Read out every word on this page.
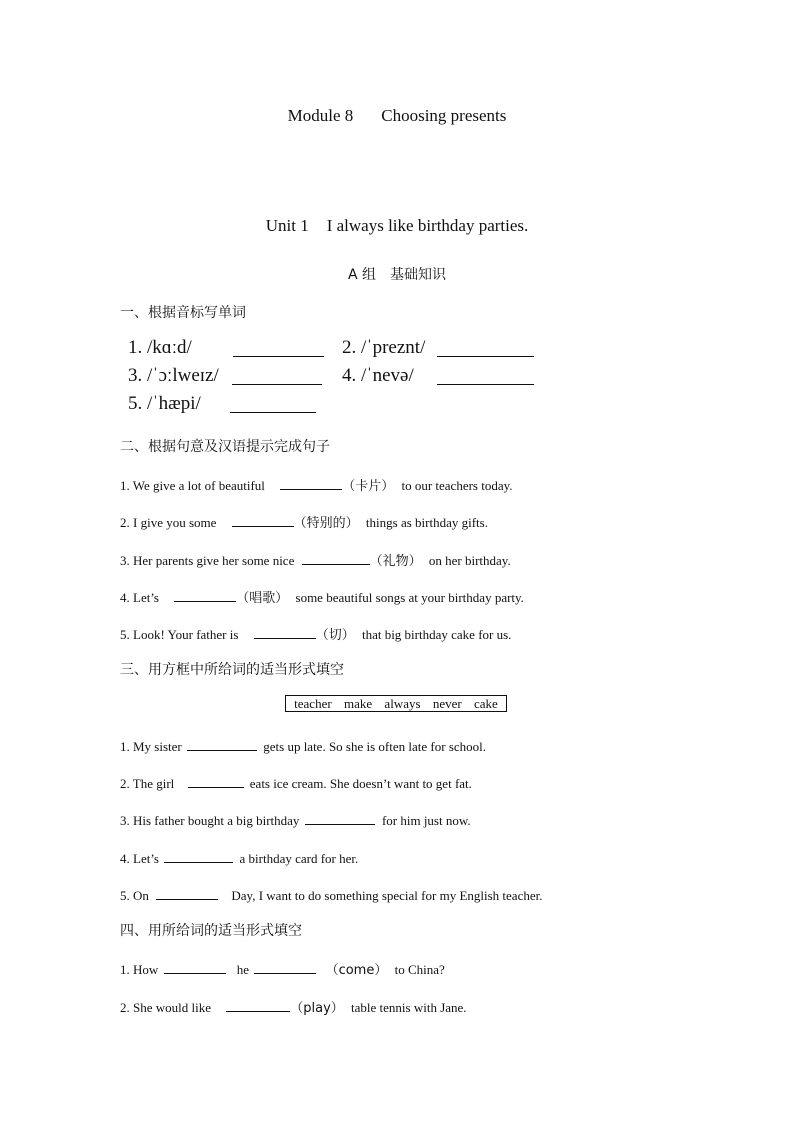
Module 8 Choosing presents
Unit 1 I always like birthday parties.
A 组 基础知识
一、根据音标写单词
1. /kɑːd/	2. /ˈpreznt/
3. /ˈɔːlweɪz/	4. /ˈnevə/
5. /ˈhæpi/
二、根据句意及汉语提示完成句子
1. We give a lot of beautiful	（卡片） to our teachers today.
2. I give you some	（特别的） things as birthday gifts.
3. Her parents give her some nice	（礼物） on her birthday.
4. Let’s	（唱歌） some beautiful songs at your birthday party.
5. Look! Your father is	（切） that big birthday cake for us.
三、用方框中所给词的适当形式填空
teacher make always never cake
1. My sister	gets up late. So she is often late for school.
2. The girl	eats ice cream. She doesn’t want to get fat.
3. His father bought a big birthday	for him just now.
4. Let’s	a birthday card for her.
5. On	Day, I want to do something special for my English teacher.
四、用所给词的适当形式填空
1. How	he	（come） to China?
2. She would like	（play） table tennis with Jane.
